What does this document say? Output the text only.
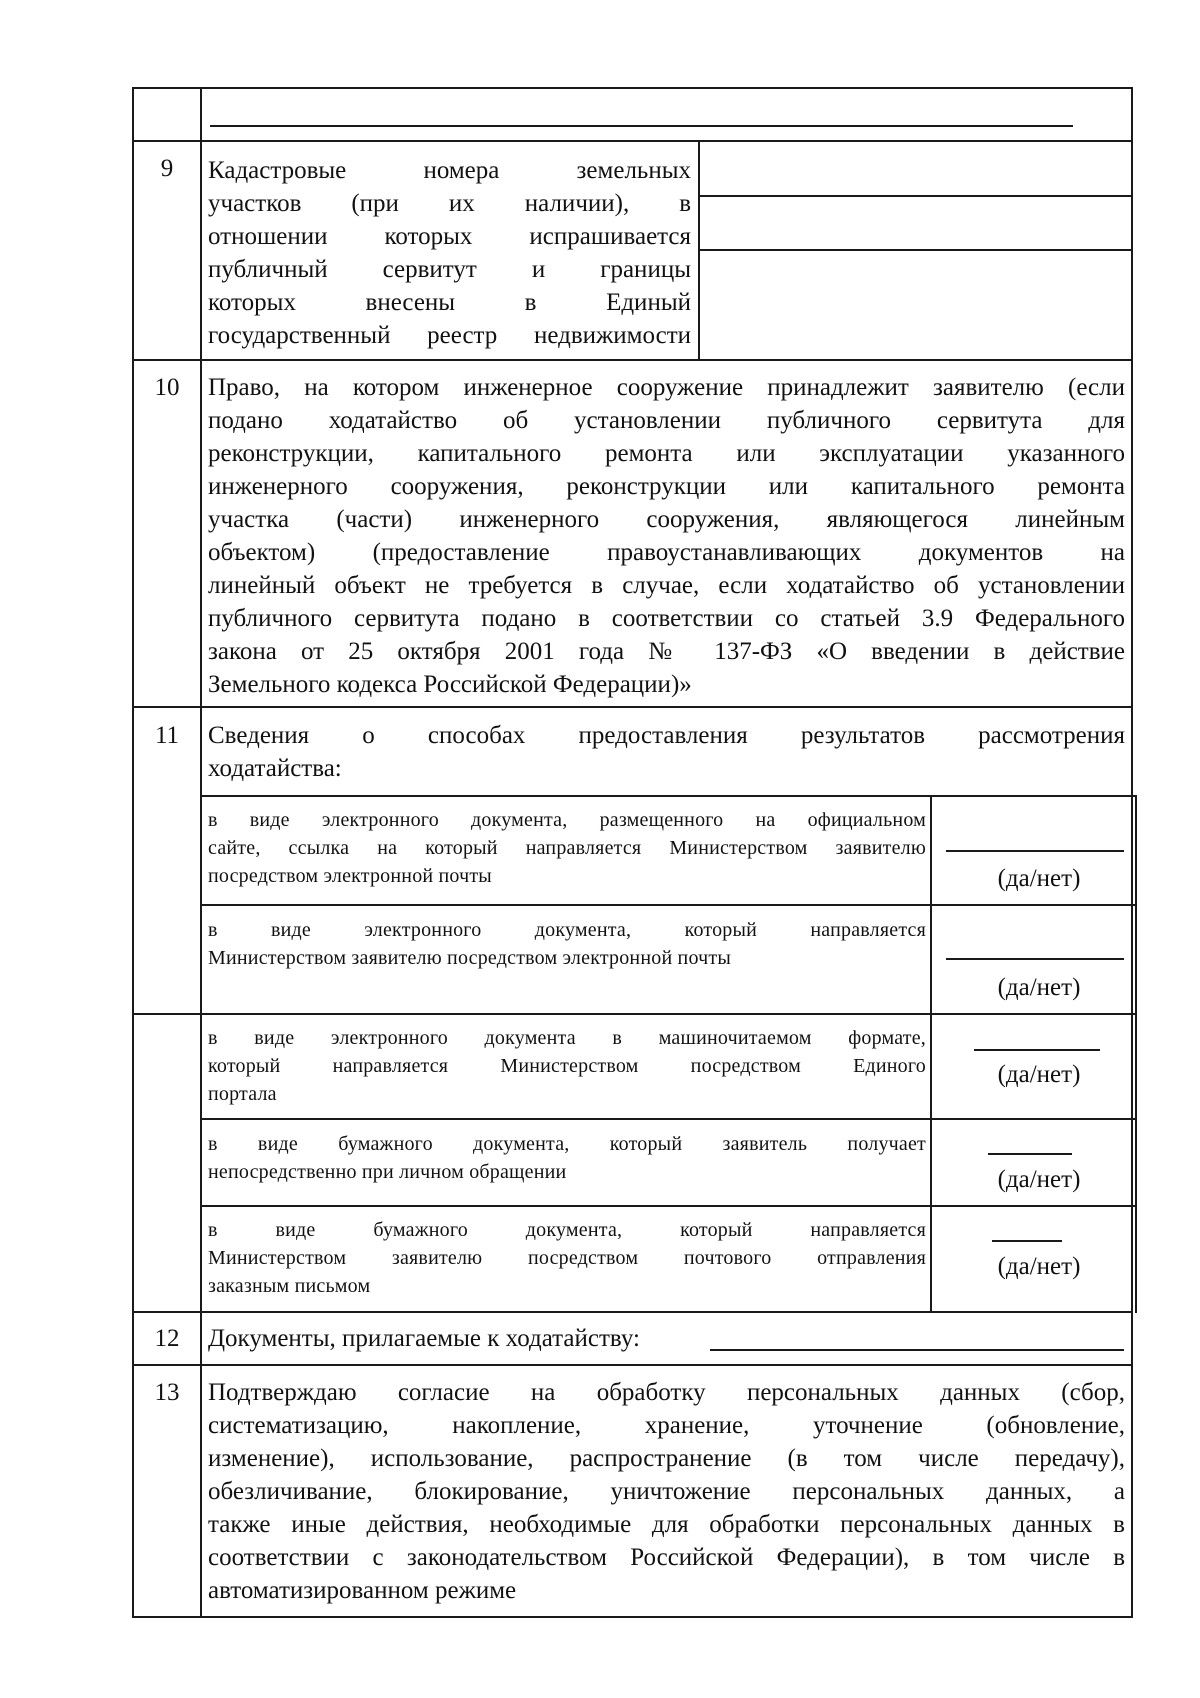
9	Кадастровые номера земельных
участков (при их наличии), в
отношении которых испрашивается
публичный сервитут и границы
которых внесены в Единый
государственный реестр недвижимости
10	Право, на котором инженерное сооружение принадлежит заявителю (если
подано ходатайство об установлении публичного сервитута для
реконструкции, капитального ремонта или эксплуатации указанного
инженерного сооружения, реконструкции или капитального ремонта
участка (части) инженерного сооружения, являющегося линейным
объектом) (предоставление правоустанавливающих документов на
линейный объект не требуется в случае, если ходатайство об установлении
публичного сервитута подано в соответствии со статьей 3.9 Федерального
закона от 25 октября 2001 года № 137-ФЗ «О введении в действие
Земельного кодекса Российской Федерации)»
11	Сведения о способах предоставления результатов рассмотрения
ходатайства:
в виде электронного документа, размещенного на официальном
сайте, ссылка на который направляется Министерством заявителю
посредством электронной почты	(да/нет)
в виде электронного документа, который направляется
Министерством заявителю посредством электронной почты
(да/нет)
в виде электронного документа в машиночитаемом формате,
который направляется Министерством посредством Единого
портала
(да/нет)
в виде бумажного документа, который заявитель получает
непосредственно при личном обращении	(да/нет)
в виде бумажного документа, который направляется
Министерством заявителю посредством почтового отправления
заказным письмом
(да/нет)
12	Документы, прилагаемые к ходатайству:
13	Подтверждаю согласие на обработку персональных данных (сбор,
систематизацию, накопление, хранение, уточнение (обновление,
изменение), использование, распространение (в том числе передачу),
обезличивание, блокирование, уничтожение персональных данных, а
также иные действия, необходимые для обработки персональных данных в
соответствии с законодательством Российской Федерации), в том числе в
автоматизированном режиме
